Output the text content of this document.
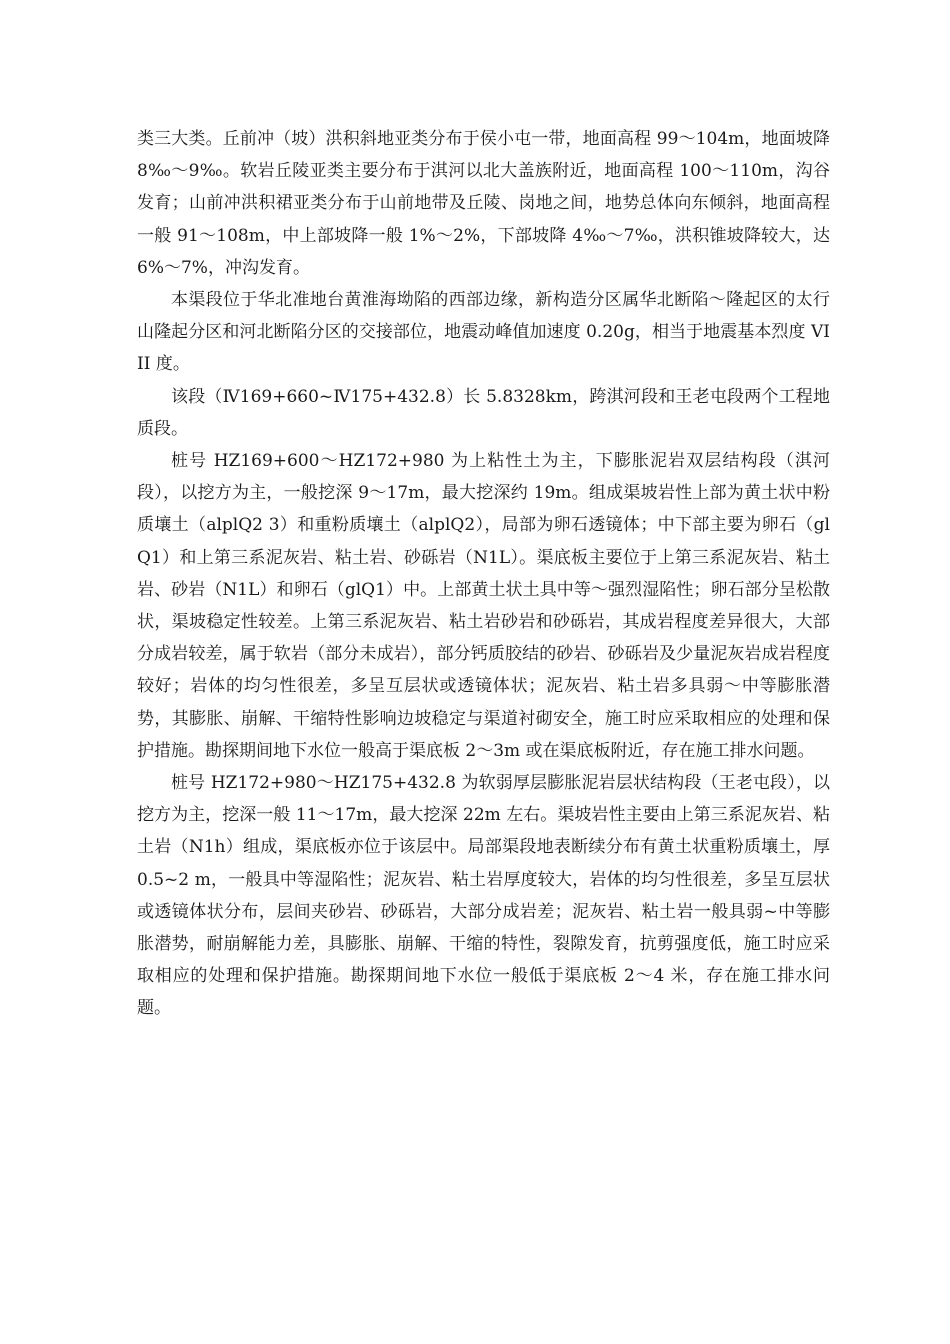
类三大类。丘前冲（坡）洪积斜地亚类分布于侯小屯一带，地面高程 99～104m，地面坡降 8‰～9‰。软岩丘陵亚类主要分布于淇河以北大盖族附近，地面高程 100～110m，沟谷发育；山前冲洪积裙亚类分布于山前地带及丘陵、岗地之间，地势总体向东倾斜，地面高程一般 91～108m，中上部坡降一般 1%～2%，下部坡降 4‰～7‰，洪积锥坡降较大，达 6%～7%，冲沟发育。

本渠段位于华北准地台黄淮海坳陷的西部边缘，新构造分区属华北断陷～隆起区的太行山隆起分区和河北断陷分区的交接部位，地震动峰值加速度 0.20g，相当于地震基本烈度 VIII 度。

该段（Ⅳ169+660~Ⅳ175+432.8）长 5.8328km，跨淇河段和王老屯段两个工程地质段。

桩号 HZ169+600～HZ172+980 为上粘性土为主，下膨胀泥岩双层结构段（淇河段），以挖方为主，一般挖深 9～17m，最大挖深约 19m。组成渠坡岩性上部为黄土状中粉质壤土（alplQ2 3）和重粉质壤土（alplQ2），局部为卵石透镜体；中下部主要为卵石（glQ1）和上第三系泥灰岩、粘土岩、砂砾岩（N1L）。渠底板主要位于上第三系泥灰岩、粘土岩、砂岩（N1L）和卵石（glQ1）中。上部黄土状土具中等～强烈湿陷性；卵石部分呈松散状，渠坡稳定性较差。上第三系泥灰岩、粘土岩砂岩和砂砾岩，其成岩程度差异很大，大部分成岩较差，属于软岩（部分未成岩），部分钙质胶结的砂岩、砂砾岩及少量泥灰岩成岩程度较好；岩体的均匀性很差，多呈互层状或透镜体状；泥灰岩、粘土岩多具弱～中等膨胀潜势，其膨胀、崩解、干缩特性影响边坡稳定与渠道衬砌安全，施工时应采取相应的处理和保护措施。勘探期间地下水位一般高于渠底板 2～3m 或在渠底板附近，存在施工排水问题。

桩号 HZ172+980～HZ175+432.8 为软弱厚层膨胀泥岩层状结构段（王老屯段），以挖方为主，挖深一般 11～17m，最大挖深 22m 左右。渠坡岩性主要由上第三系泥灰岩、粘土岩（N1h）组成，渠底板亦位于该层中。局部渠段地表断续分布有黄土状重粉质壤土，厚 0.5~2 m，一般具中等湿陷性；泥灰岩、粘土岩厚度较大，岩体的均匀性很差，多呈互层状或透镜体状分布，层间夹砂岩、砂砾岩，大部分成岩差；泥灰岩、粘土岩一般具弱~中等膨胀潜势，耐崩解能力差，具膨胀、崩解、干缩的特性，裂隙发育，抗剪强度低，施工时应采取相应的处理和保护措施。勘探期间地下水位一般低于渠底板 2～4 米，存在施工排水问题。
